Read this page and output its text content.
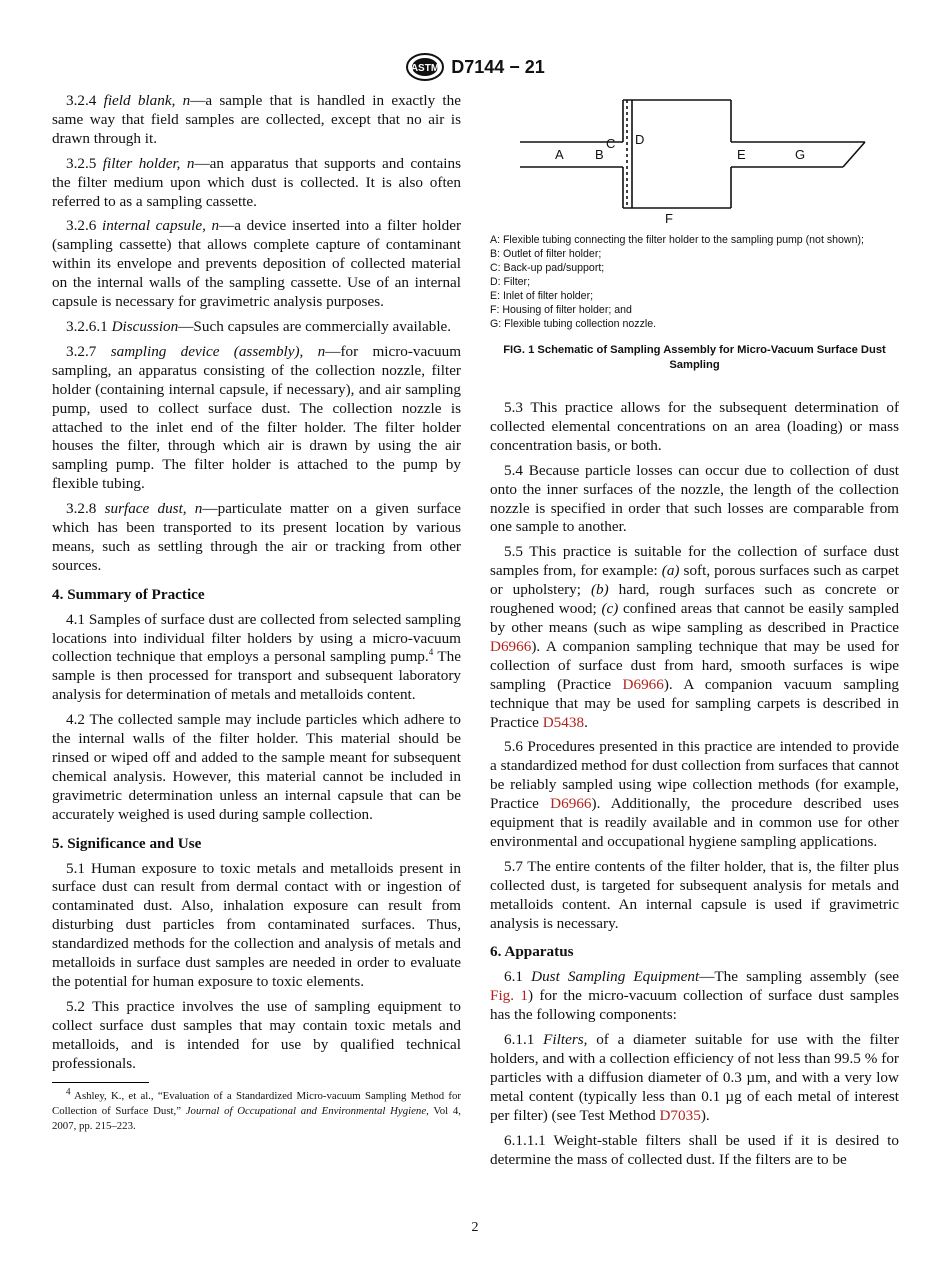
ASTM D7144 − 21

3.2.4 field blank, n—a sample that is handled in exactly the same way that field samples are collected, except that no air is drawn through it.

3.2.5 filter holder, n—an apparatus that supports and contains the filter medium upon which dust is collected. It is also often referred to as a sampling cassette.

3.2.6 internal capsule, n—a device inserted into a filter holder (sampling cassette) that allows complete capture of contaminant within its envelope and prevents deposition of collected material on the internal walls of the sampling cassette. Use of an internal capsule is necessary for gravimetric analysis purposes.

3.2.6.1 Discussion—Such capsules are commercially available.

3.2.7 sampling device (assembly), n—for micro-vacuum sampling, an apparatus consisting of the collection nozzle, filter holder (containing internal capsule, if necessary), and air sampling pump, used to collect surface dust. The collection nozzle is attached to the inlet end of the filter holder. The filter holder houses the filter, through which air is drawn by using the air sampling pump. The filter holder is attached to the pump by flexible tubing.

3.2.8 surface dust, n—particulate matter on a given surface which has been transported to its present location by various means, such as settling through the air or tracking from other sources.

4. Summary of Practice

4.1 Samples of surface dust are collected from selected sampling locations into individual filter holders by using a micro-vacuum collection technique that employs a personal sampling pump.$^4$ The sample is then processed for transport and subsequent laboratory analysis for determination of metals and metalloids content.

4.2 The collected sample may include particles which adhere to the internal walls of the filter holder. This material should be rinsed or wiped off and added to the sample meant for subsequent chemical analysis. However, this material cannot be included in gravimetric determination unless an internal capsule that can be accurately weighed is used during sample collection.

5. Significance and Use

5.1 Human exposure to toxic metals and metalloids present in surface dust can result from dermal contact with or ingestion of contaminated dust. Also, inhalation exposure can result from disturbing dust particles from contaminated surfaces. Thus, standardized methods for the collection and analysis of metals and metalloids in surface dust samples are needed in order to evaluate the potential for human exposure to toxic elements.

5.2 This practice involves the use of sampling equipment to collect surface dust samples that may contain toxic metals and metalloids, and is intended for use by qualified technical professionals.

$^4$ Ashley, K., et al., “Evaluation of a Standardized Micro-vacuum Sampling Method for Collection of Surface Dust,” Journal of Occupational and Environmental Hygiene, Vol 4, 2007, pp. 215–223.

A B
C D
E
F
G
A: Flexible tubing connecting the filter holder to the sampling pump (not shown);
B: Outlet of filter holder;
C: Back-up pad/support;
D: Filter;
E: Inlet of filter holder;
F: Housing of filter holder; and
G: Flexible tubing collection nozzle.
FIG. 1 Schematic of Sampling Assembly for Micro-Vacuum Surface Dust Sampling

5.3 This practice allows for the subsequent determination of collected elemental concentrations on an area (loading) or mass concentration basis, or both.

5.4 Because particle losses can occur due to collection of dust onto the inner surfaces of the nozzle, the length of the collection nozzle is specified in order that such losses are comparable from one sample to another.

5.5 This practice is suitable for the collection of surface dust samples from, for example: (a) soft, porous surfaces such as carpet or upholstery; (b) hard, rough surfaces such as concrete or roughened wood; (c) confined areas that cannot be easily sampled by other means (such as wipe sampling as described in Practice D6966). A companion sampling technique that may be used for collection of surface dust from hard, smooth surfaces is wipe sampling (Practice D6966). A companion vacuum sampling technique that may be used for sampling carpets is described in Practice D5438.

5.6 Procedures presented in this practice are intended to provide a standardized method for dust collection from surfaces that cannot be reliably sampled using wipe collection methods (for example, Practice D6966). Additionally, the procedure described uses equipment that is readily available and in common use for other environmental and occupational hygiene sampling applications.

5.7 The entire contents of the filter holder, that is, the filter plus collected dust, is targeted for subsequent analysis for metals and metalloids content. An internal capsule is used if gravimetric analysis is necessary.

6. Apparatus

6.1 Dust Sampling Equipment—The sampling assembly (see Fig. 1) for the micro-vacuum collection of surface dust samples has the following components:

6.1.1 Filters, of a diameter suitable for use with the filter holders, and with a collection efficiency of not less than 99.5 % for particles with a diffusion diameter of 0.3 µm, and with a very low metal content (typically less than 0.1 µg of each metal of interest per filter) (see Test Method D7035).

6.1.1.1 Weight-stable filters shall be used if it is desired to determine the mass of collected dust. If the filters are to be

2
